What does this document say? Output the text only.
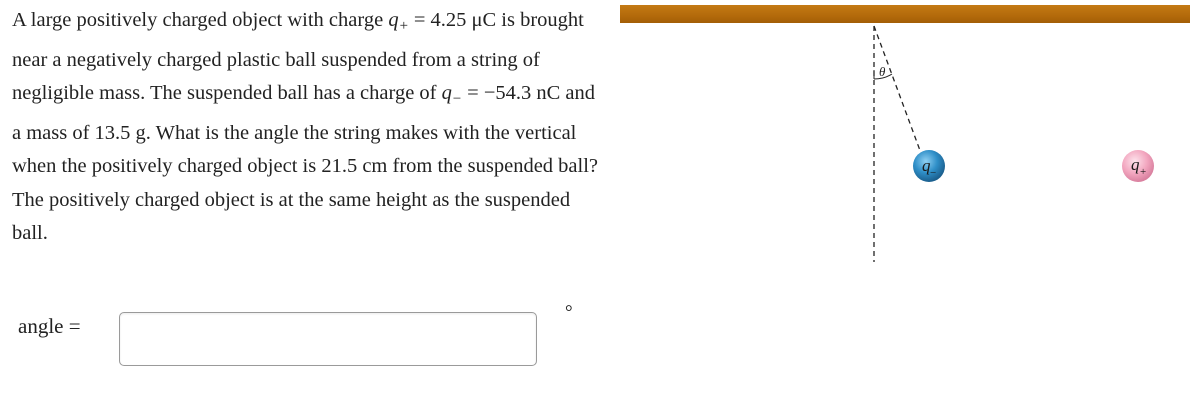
A large positively charged object with charge $q_+ = 4.25$ μC is brought near a negatively charged plastic ball suspended from a string of negligible mass. The suspended ball has a charge of $q_- = -54.3$ nC and a mass of 13.5 g. What is the angle the string makes with the vertical when the positively charged object is 21.5 cm from the suspended ball? The positively charged object is at the same height as the suspended ball.

angle =
°
θ
q −	q +
